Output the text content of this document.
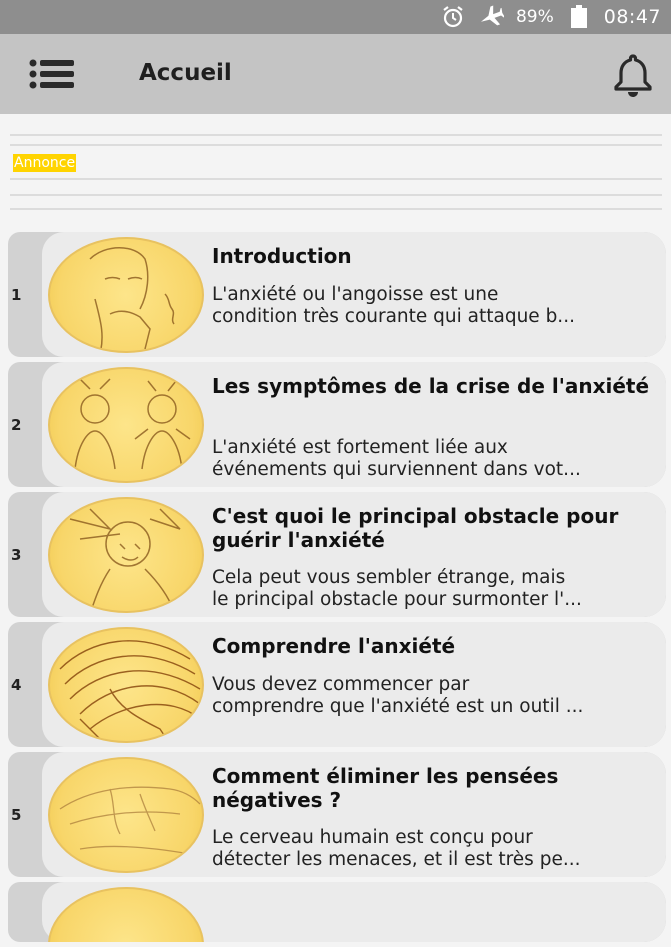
89%	08:47
Accueil
Annonce
1
Introduction
L'anxiété ou l'angoisse est une
condition très courante qui attaque b...
2
Les symptômes de la crise de l'anxiété
L'anxiété est fortement liée aux
événements qui surviennent dans vot...
3
C'est quoi le principal obstacle pour guérir l'anxiété
Cela peut vous sembler étrange, mais
le principal obstacle pour surmonter l'...
4
Comprendre l'anxiété
Vous devez commencer par
comprendre que l'anxiété est un outil ...
5
Comment éliminer les pensées négatives ?
Le cerveau humain est conçu pour
détecter les menaces, et il est très pe...
